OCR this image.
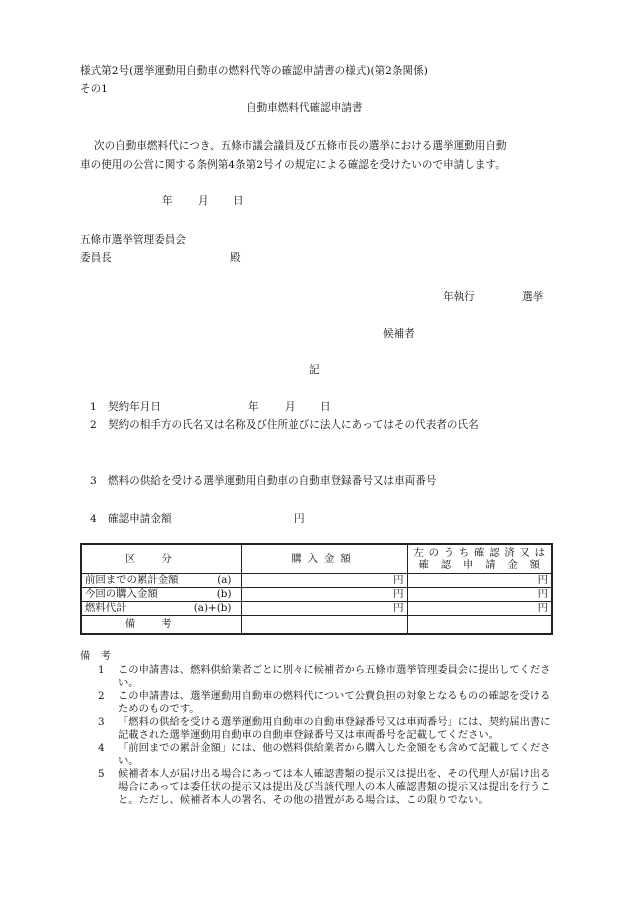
様式第2号(選挙運動用自動車の燃料代等の確認申請書の様式)(第2条関係)
その1
自動車燃料代確認申請書
次の自動車燃料代につき、五條市議会議員及び五條市長の選挙における選挙運動用自動
車の使用の公営に関する条例第4条第2号イの規定による確認を受けたいので申請します。
年 月 日
五條市選挙管理委員会
委員長	殿
年執行	選挙
候補者
記
1 契約年月日	年 月 日
2 契約の相手方の氏名又は名称及び住所並びに法人にあってはその代表者の氏名
3 燃料の供給を受ける選挙運動用自動車の自動車登録番号又は車両番号
4 確認申請金額	円
区分	購入金額	左のうち確認済又は
確認申請金額

前回までの累計金額 (a)	円	円

今回の購入金額 (b)	円	円

燃料代計 (a)+(b)	円	円
備考		
備　考
1	この申請書は、燃料供給業者ごとに別々に候補者から五條市選挙管理委員会に提出してください。
2	この申請書は、選挙運動用自動車の燃料代について公費負担の対象となるものの確認を受けるためのものです。
3	「燃料の供給を受ける選挙運動用自動車の自動車登録番号又は車両番号」には、契約届出書に記載された選挙運動用自動車の自動車登録番号又は車両番号を記載してください。
4	「前回までの累計金額」には、他の燃料供給業者から購入した金額をも含めて記載してください。
5	候補者本人が届け出る場合にあっては本人確認書類の提示又は提出を、その代理人が届け出る場合にあっては委任状の提示又は提出及び当該代理人の本人確認書類の提示又は提出を行うこと。ただし、候補者本人の署名、その他の措置がある場合は、この限りでない。
